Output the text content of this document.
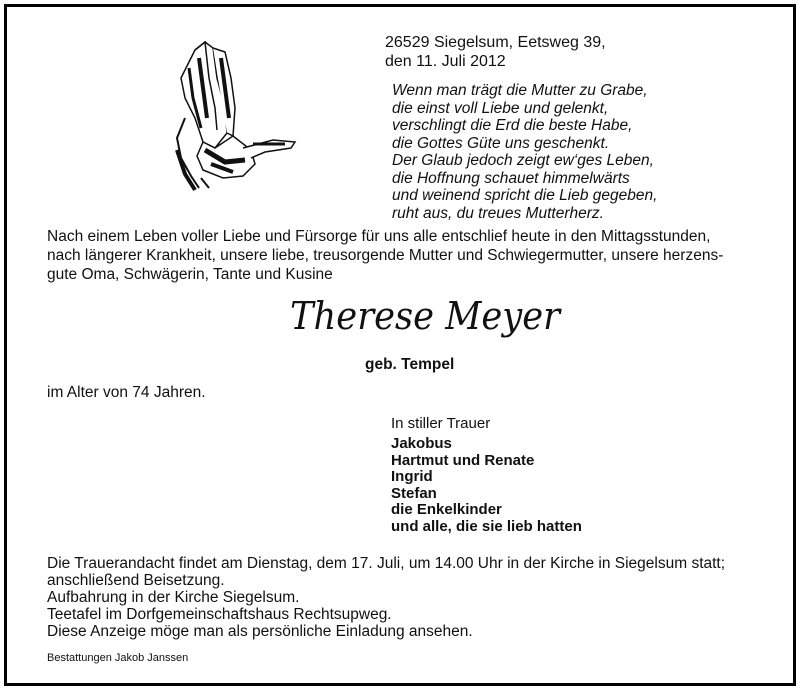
26529 Siegelsum, Eetsweg 39,
den 11. Juli 2012
Wenn man trägt die Mutter zu Grabe,
die einst voll Liebe und gelenkt,
verschlingt die Erd die beste Habe,
die Gottes Güte uns geschenkt.
Der Glaub jedoch zeigt ew‘ges Leben,
die Hoffnung schauet himmelwärts
und weinend spricht die Lieb gegeben,
ruht aus, du treues Mutterherz.
Nach einem Leben voller Liebe und Fürsorge für uns alle entschlief heute in den Mittagsstunden,
nach längerer Krankheit, unsere liebe, treusorgende Mutter und Schwiegermutter, unsere herzens-
gute Oma, Schwägerin, Tante und Kusine
Therese Meyer
geb. Tempel
im Alter von 74 Jahren.
In stiller Trauer
Jakobus
Hartmut und Renate
Ingrid
Stefan
die Enkelkinder
und alle, die sie lieb hatten
Die Trauerandacht findet am Dienstag, dem 17. Juli, um 14.00 Uhr in der Kirche in Siegelsum statt;
anschließend Beisetzung.
Aufbahrung in der Kirche Siegelsum.
Teetafel im Dorfgemeinschaftshaus Rechtsupweg.
Diese Anzeige möge man als persönliche Einladung ansehen.
Bestattungen Jakob Janssen
